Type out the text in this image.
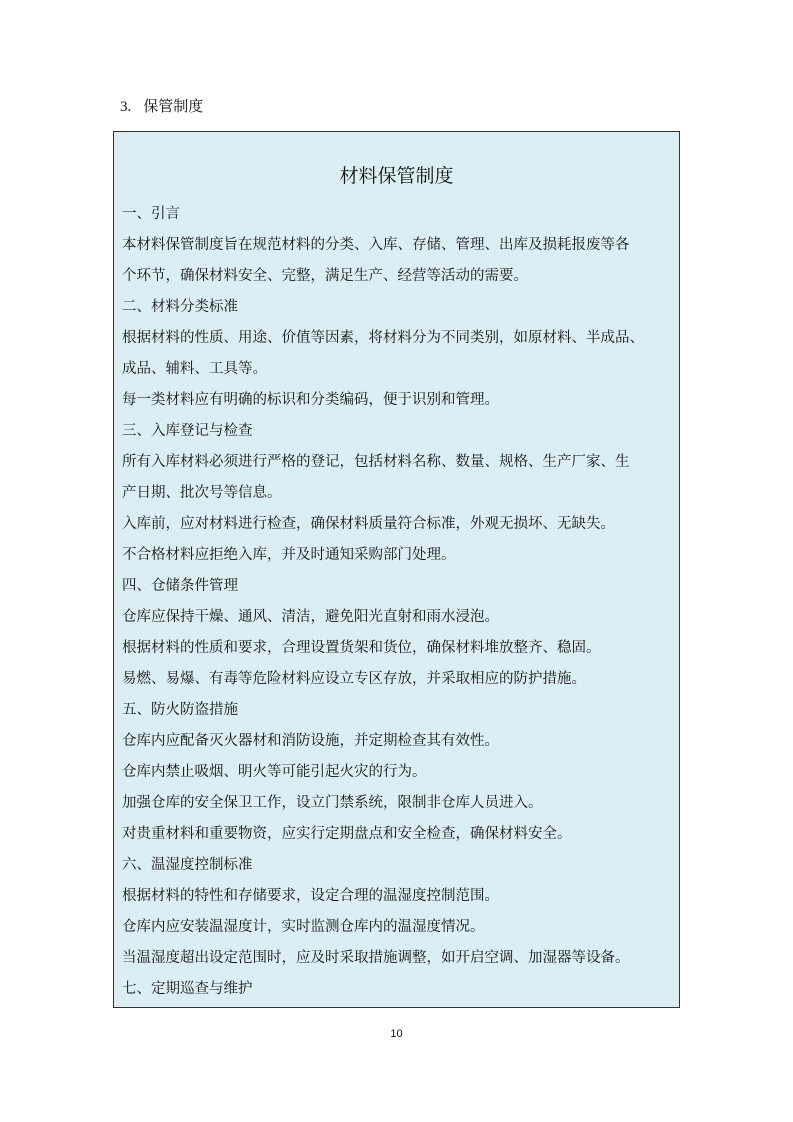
3. 保管制度
材料保管制度
一、引言
本材料保管制度旨在规范材料的分类、入库、存储、管理、出库及损耗报废等各
个环节，确保材料安全、完整，满足生产、经营等活动的需要。
二、材料分类标准
根据材料的性质、用途、价值等因素，将材料分为不同类别，如原材料、半成品、
成品、辅料、工具等。
每一类材料应有明确的标识和分类编码，便于识别和管理。
三、入库登记与检查
所有入库材料必须进行严格的登记，包括材料名称、数量、规格、生产厂家、生
产日期、批次号等信息。
入库前，应对材料进行检查，确保材料质量符合标准，外观无损坏、无缺失。
不合格材料应拒绝入库，并及时通知采购部门处理。
四、仓储条件管理
仓库应保持干燥、通风、清洁，避免阳光直射和雨水浸泡。
根据材料的性质和要求，合理设置货架和货位，确保材料堆放整齐、稳固。
易燃、易爆、有毒等危险材料应设立专区存放，并采取相应的防护措施。
五、防火防盗措施
仓库内应配备灭火器材和消防设施，并定期检查其有效性。
仓库内禁止吸烟、明火等可能引起火灾的行为。
加强仓库的安全保卫工作，设立门禁系统，限制非仓库人员进入。
对贵重材料和重要物资，应实行定期盘点和安全检查，确保材料安全。
六、温湿度控制标准
根据材料的特性和存储要求，设定合理的温湿度控制范围。
仓库内应安装温湿度计，实时监测仓库内的温湿度情况。
当温湿度超出设定范围时，应及时采取措施调整，如开启空调、加湿器等设备。
七、定期巡查与维护
10
